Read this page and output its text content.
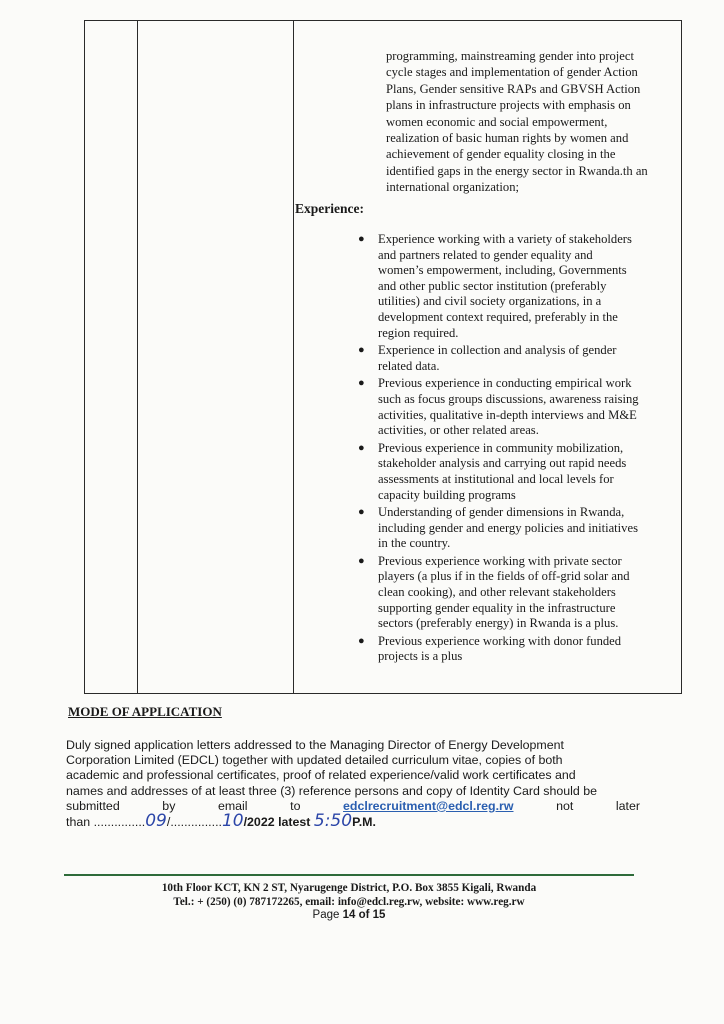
programming, mainstreaming gender into project
cycle stages and implementation of gender Action
Plans, Gender sensitive RAPs and GBVSH Action
plans in infrastructure projects with emphasis on
women economic and social empowerment,
realization of basic human rights by women and
achievement of gender equality closing in the
identified gaps in the energy sector in Rwanda.th an
international organization;

Experience:
● Experience working with a variety of stakeholders
and partners related to gender equality and
women’s empowerment, including, Governments
and other public sector institution (preferably
utilities) and civil society organizations, in a
development context required, preferably in the
region required.
● Experience in collection and analysis of gender
related data.
● Previous experience in conducting empirical work
such as focus groups discussions, awareness raising
activities, qualitative in-depth interviews and M&E
activities, or other related areas.
● Previous experience in community mobilization,
stakeholder analysis and carrying out rapid needs
assessments at institutional and local levels for
capacity building programs
● Understanding of gender dimensions in Rwanda,
including gender and energy policies and initiatives
in the country.
● Previous experience working with private sector
players (a plus if in the fields of off-grid solar and
clean cooking), and other relevant stakeholders
supporting gender equality in the infrastructure
sectors (preferably energy) in Rwanda is a plus.
● Previous experience working with donor funded
projects is a plus
MODE OF APPLICATION
Duly signed application letters addressed to the Managing Director of Energy Development
Corporation Limited (EDCL) together with updated detailed curriculum vitae, copies of both
academic and professional certificates, proof of related experience/valid work certificates and
names and addresses of at least three (3) reference persons and copy of Identity Card should be
submitted	by	email	to	edclrecruitment@edcl.reg.rw	not	later
than ...............09/...............10/2022 latest 5:50P.M.
10th Floor KCT, KN 2 ST, Nyarugenge District, P.O. Box 3855 Kigali, Rwanda
Tel.: + (250) (0) 787172265, email: info@edcl.reg.rw, website: www.reg.rw
Page 14 of 15
